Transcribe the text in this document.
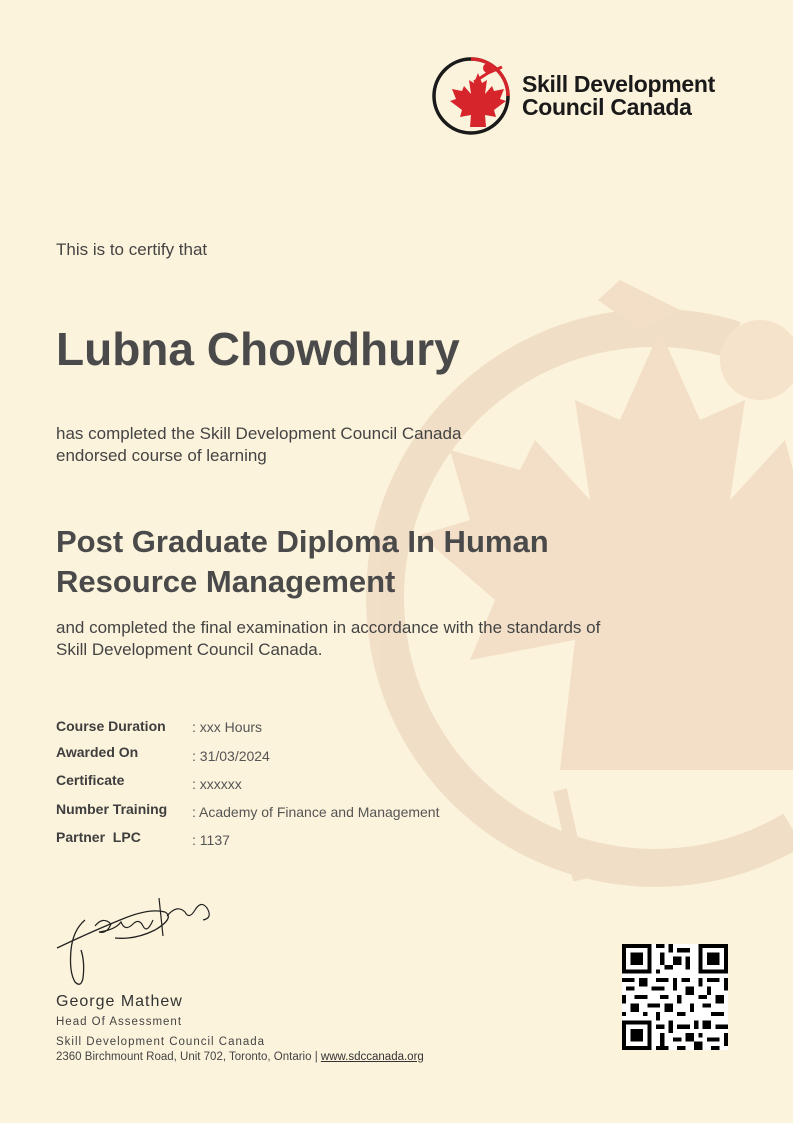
Skill Development
Council Canada
This is to certify that
Lubna Chowdhury
has completed the Skill Development Council Canada
endorsed course of learning
Post Graduate Diploma In Human
Resource Management
and completed the final examination in accordance with the standards of
Skill Development Council Canada.
Course Duration : xxx Hours
Awarded On	: 31/03/2024
Certificate	: xxxxxx
Number Training : Academy of Finance and Management
Partner  LPC	: 1137
George Mathew
Head Of Assessment
Skill Development Council Canada
2360 Birchmount Road, Unit 702, Toronto, Ontario | www.sdccanada.org
